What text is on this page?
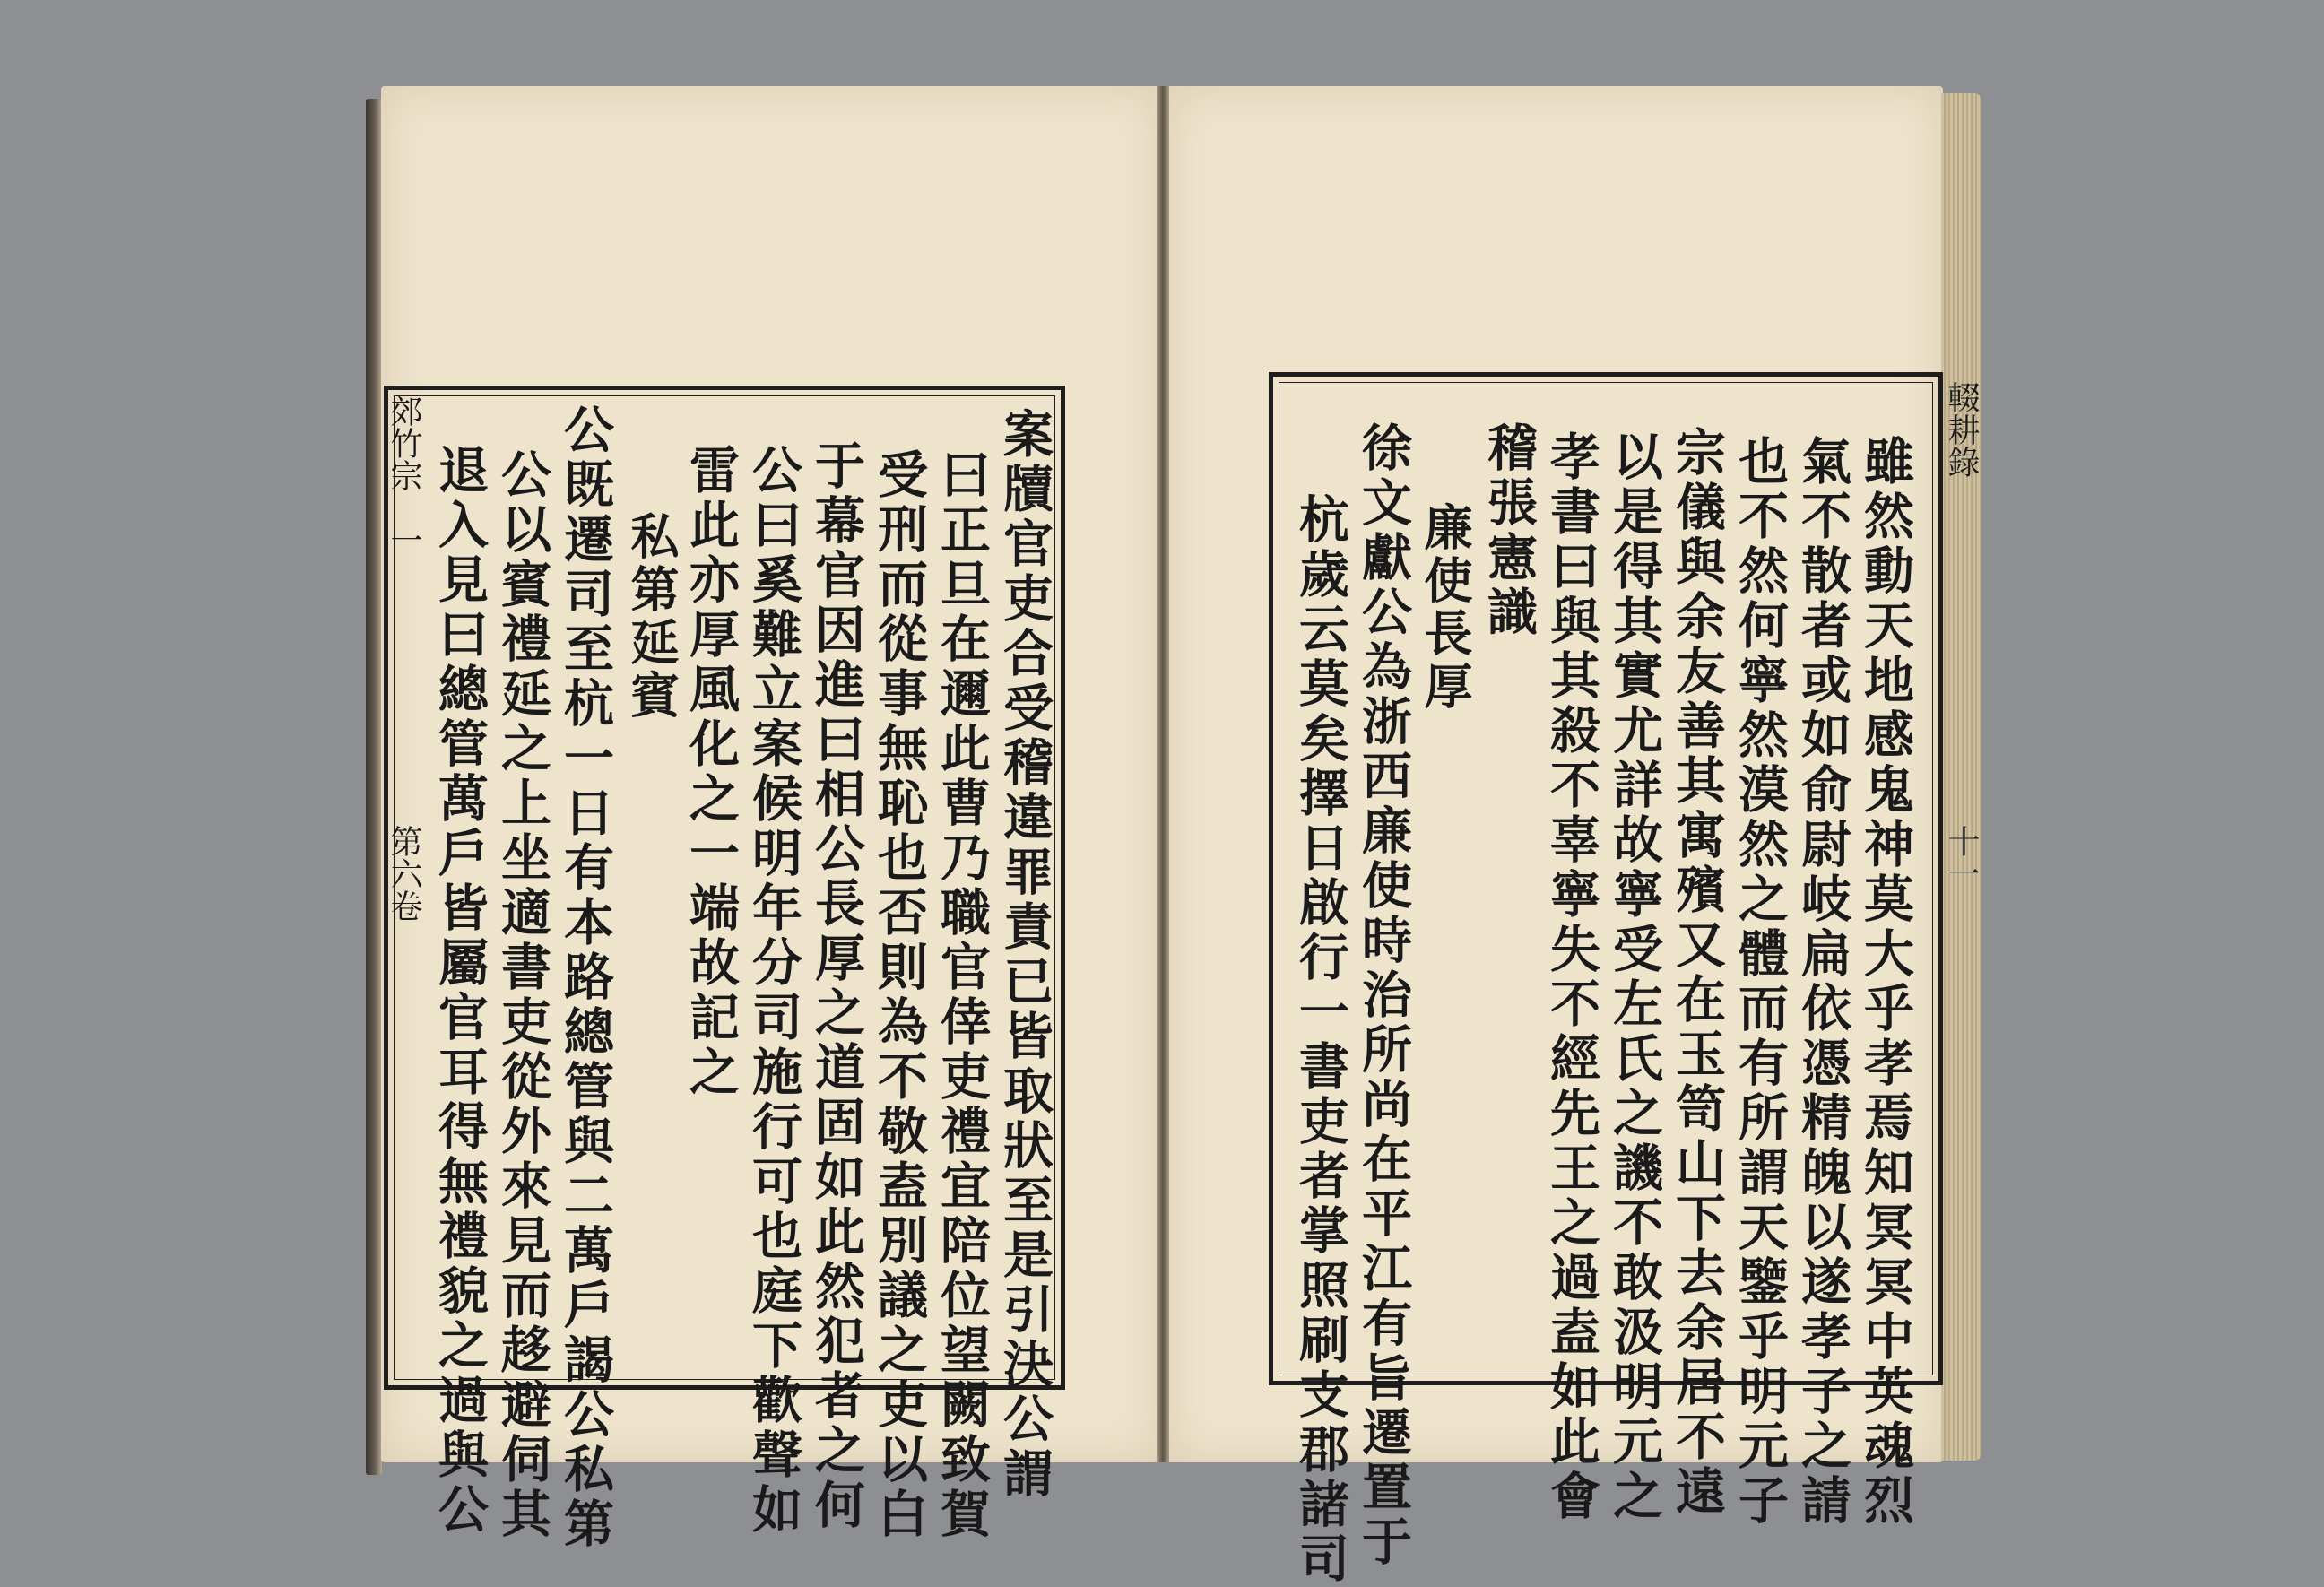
郊竹宗　一
第六卷	案牘官吏合受稽違罪責已皆取狀至是引決公謂
曰正旦在邇此曹乃職官倖吏禮宜陪位望闕致賀
受刑而從事無恥也否則為不敬盍別議之吏以白
于幕官因進曰相公長厚之道固如此然犯者之何
公曰奚難立案候明年分司施行可也庭下歡聲如
雷此亦厚風化之一端故記之
私第延賓
公既遷司至杭一日有本路總管與二萬戶謁公私第
公以賓禮延之上坐適書吏從外來見而趍避伺其
退入見曰總管萬戶皆屬官耳得無禮貌之過與公
輟耕錄
十一
雖然動天地感鬼神莫大乎孝焉知冥冥中英魂烈
氣不散者或如俞尉岐扁依憑精魄以遂孝子之請
也不然何寧然漠然之體而有所謂天鑒乎明元子
宗儀與余友善其寓殯又在玉笥山下去余居不遠
以是得其實尤詳故寧受左氏之譏不敢汲明元之
孝書曰與其殺不辜寧失不經先王之過盍如此會
稽張憲識
廉使長厚
徐文獻公為浙西廉使時治所尚在平江有旨遷置于
杭歲云莫矣擇日啟行一書吏者掌照刷支郡諸司
